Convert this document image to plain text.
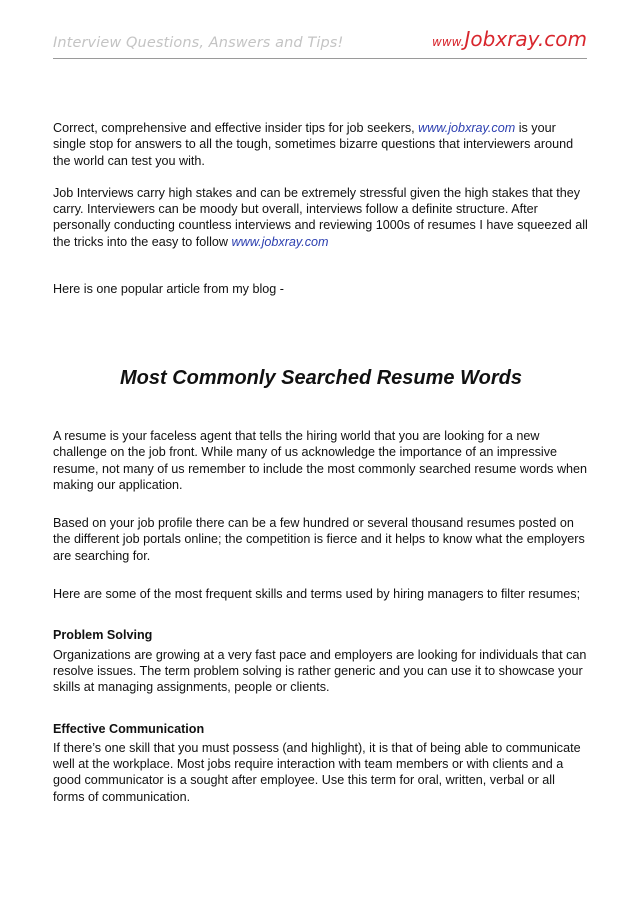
Interview Questions, Answers and Tips!	www.Jobxray.com

Correct, comprehensive and effective insider tips for job seekers, www.jobxray.com is your single stop for answers to all the tough, sometimes bizarre questions that interviewers around the world can test you with.

Job Interviews carry high stakes and can be extremely stressful given the high stakes that they carry. Interviewers can be moody but overall, interviews follow a definite structure. After personally conducting countless interviews and reviewing 1000s of resumes I have squeezed all the tricks into the easy to follow www.jobxray.com

Here is one popular article from my blog -

Most Commonly Searched Resume Words

A resume is your faceless agent that tells the hiring world that you are looking for a new challenge on the job front. While many of us acknowledge the importance of an impressive resume, not many of us remember to include the most commonly searched resume words when making our application.

Based on your job profile there can be a few hundred or several thousand resumes posted on the different job portals online; the competition is fierce and it helps to know what the employers are searching for.

Here are some of the most frequent skills and terms used by hiring managers to filter resumes;

Problem Solving

Organizations are growing at a very fast pace and employers are looking for individuals that can resolve issues. The term problem solving is rather generic and you can use it to showcase your skills at managing assignments, people or clients.

Effective Communication

If there’s one skill that you must possess (and highlight), it is that of being able to communicate well at the workplace. Most jobs require interaction with team members or with clients and a good communicator is a sought after employee. Use this term for oral, written, verbal or all forms of communication.
